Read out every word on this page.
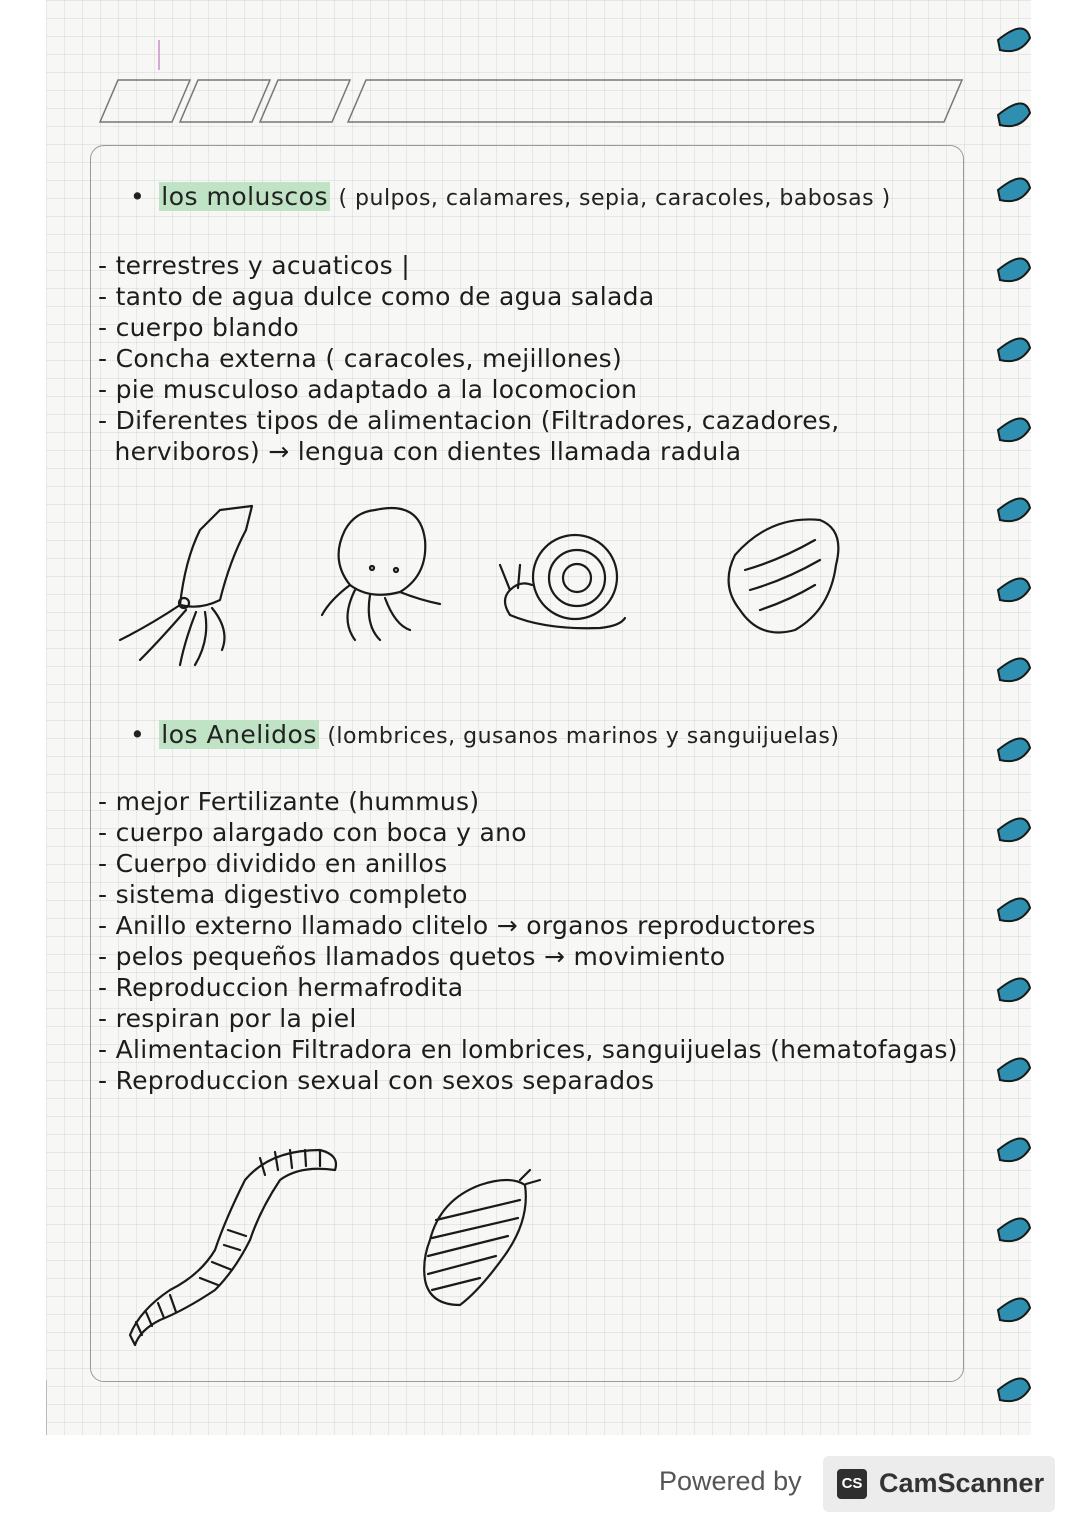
• los moluscos ( pulpos, calamares, sepia, caracoles, babosas )
- terrestres y acuaticos |
- tanto de agua dulce como de agua salada
- cuerpo blando
- Concha externa ( caracoles, mejillones)
- pie musculoso adaptado a la locomocion
- Diferentes tipos de alimentacion (Filtradores, cazadores,
herviboros) → lengua con dientes llamada radula
• los Anelidos (lombrices, gusanos marinos y sanguijuelas)
- mejor Fertilizante (hummus)
- cuerpo alargado con boca y ano
- Cuerpo dividido en anillos
- sistema digestivo completo
- Anillo externo llamado clitelo → organos reproductores
- pelos pequeños llamados quetos → movimiento
- Reproduccion hermafrodita
- respiran por la piel
- Alimentacion Filtradora en lombrices, sanguijuelas (hematofagas)
- Reproduccion sexual con sexos separados
Powered by	CS CamScanner
